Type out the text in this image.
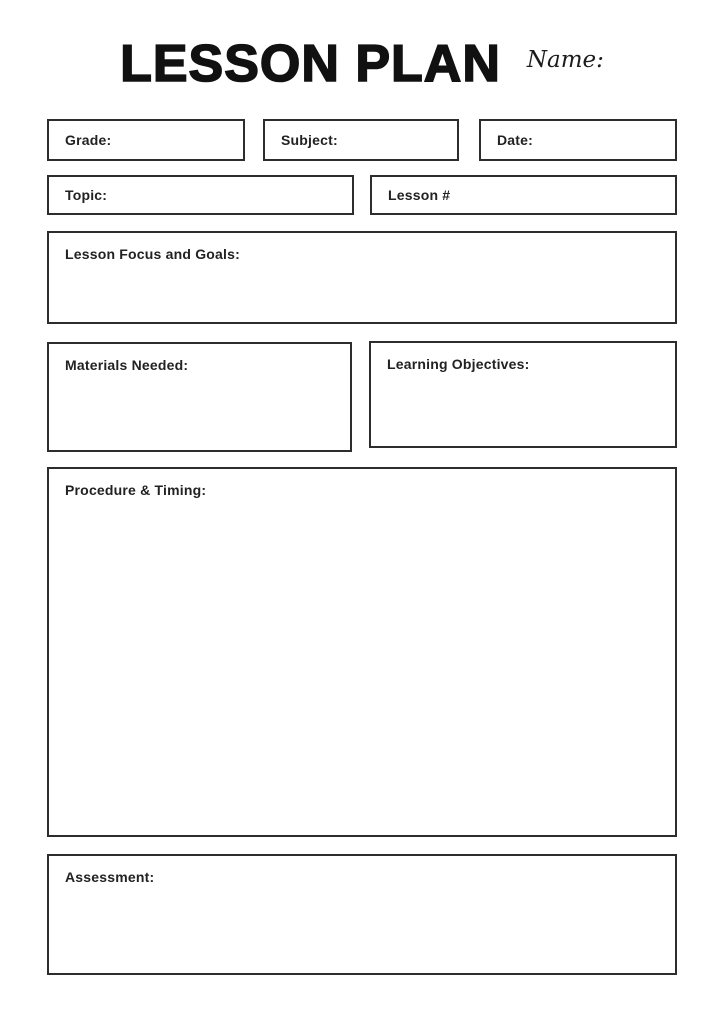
LESSON PLAN Name:
Grade:	Subject:	Date:
Topic:	Lesson #
Lesson Focus and Goals:
Materials Needed:	Learning Objectives:
Procedure & Timing:
Assessment:
